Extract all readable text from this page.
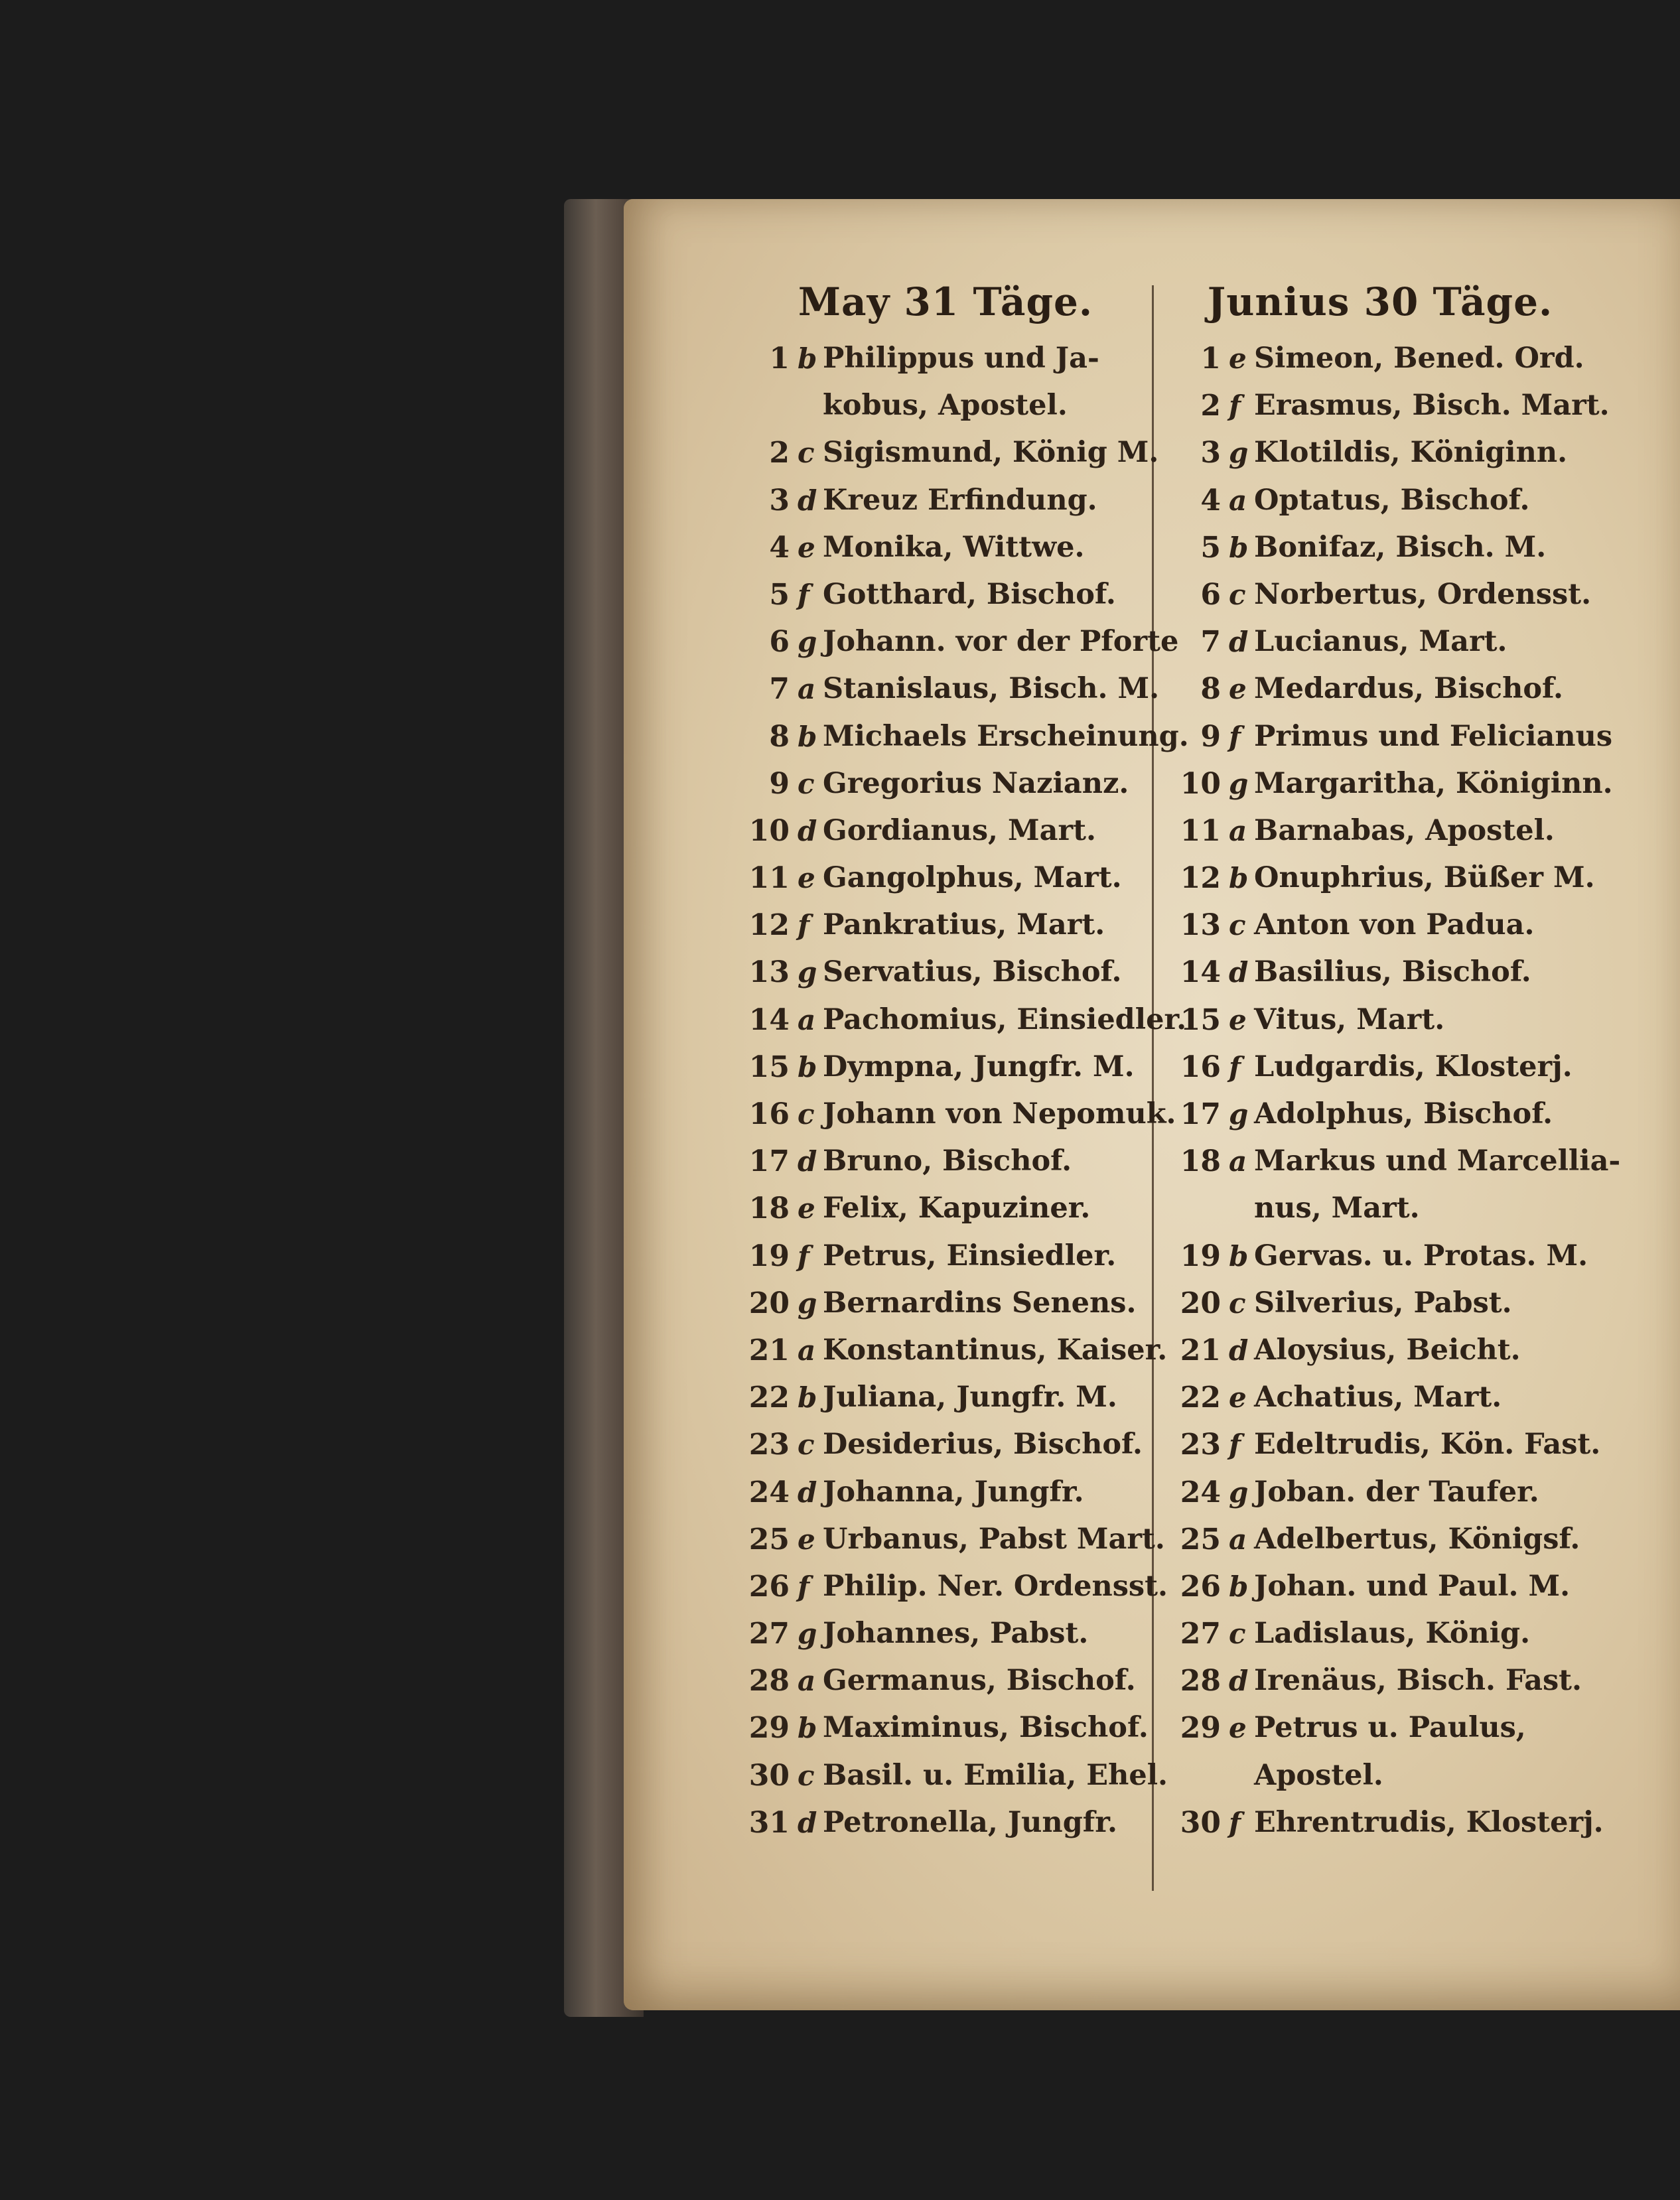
May 31 Täge.
1 b Philippus und Ja-
kobus, Apostel.
2 c Sigismund, König M.
3 d Kreuz Erfindung.
4 e Monika, Wittwe.
5 f Gotthard, Bischof.
6 g Johann. vor der Pforte
7 a Stanislaus, Bisch. M.
8 b Michaels Erscheinung.
9 c Gregorius Nazianz.
10 d Gordianus, Mart.
11 e Gangolphus, Mart.
12 f Pankratius, Mart.
13 g Servatius, Bischof.
14 a Pachomius, Einsiedler.
15 b Dympna, Jungfr. M.
16 c Johann von Nepomuk.
17 d Bruno, Bischof.
18 e Felix, Kapuziner.
19 f Petrus, Einsiedler.
20 g Bernardins Senens.
21 a Konstantinus, Kaiser.
22 b Juliana, Jungfr. M.
23 c Desiderius, Bischof.
24 d Johanna, Jungfr.
25 e Urbanus, Pabst Mart.
26 f Philip. Ner. Ordensst.
27 g Johannes, Pabst.
28 a Germanus, Bischof.
29 b Maximinus, Bischof.
30 c Basil. u. Emilia, Ehel.
31 d Petronella, Jungfr.
Junius 30 Täge.
1 e Simeon, Bened. Ord.
2 f Erasmus, Bisch. Mart.
3 g Klotildis, Königinn.
4 a Optatus, Bischof.
5 b Bonifaz, Bisch. M.
6 c Norbertus, Ordensst.
7 d Lucianus, Mart.
8 e Medardus, Bischof.
9 f Primus und Felicianus
10 g Margaritha, Königinn.
11 a Barnabas, Apostel.
12 b Onuphrius, Büßer M.
13 c Anton von Padua.
14 d Basilius, Bischof.
15 e Vitus, Mart.
16 f Ludgardis, Klosterj.
17 g Adolphus, Bischof.
18 a Markus und Marcellia-
nus, Mart.
19 b Gervas. u. Protas. M.
20 c Silverius, Pabst.
21 d Aloysius, Beicht.
22 e Achatius, Mart.
23 f Edeltrudis, Kön. Fast.
24 g Joban. der Taufer.
25 a Adelbertus, Königsf.
26 b Johan. und Paul. M.
27 c Ladislaus, König.
28 d Irenäus, Bisch. Fast.
29 e Petrus u. Paulus,
Apostel.
30 f Ehrentrudis, Klosterj.
